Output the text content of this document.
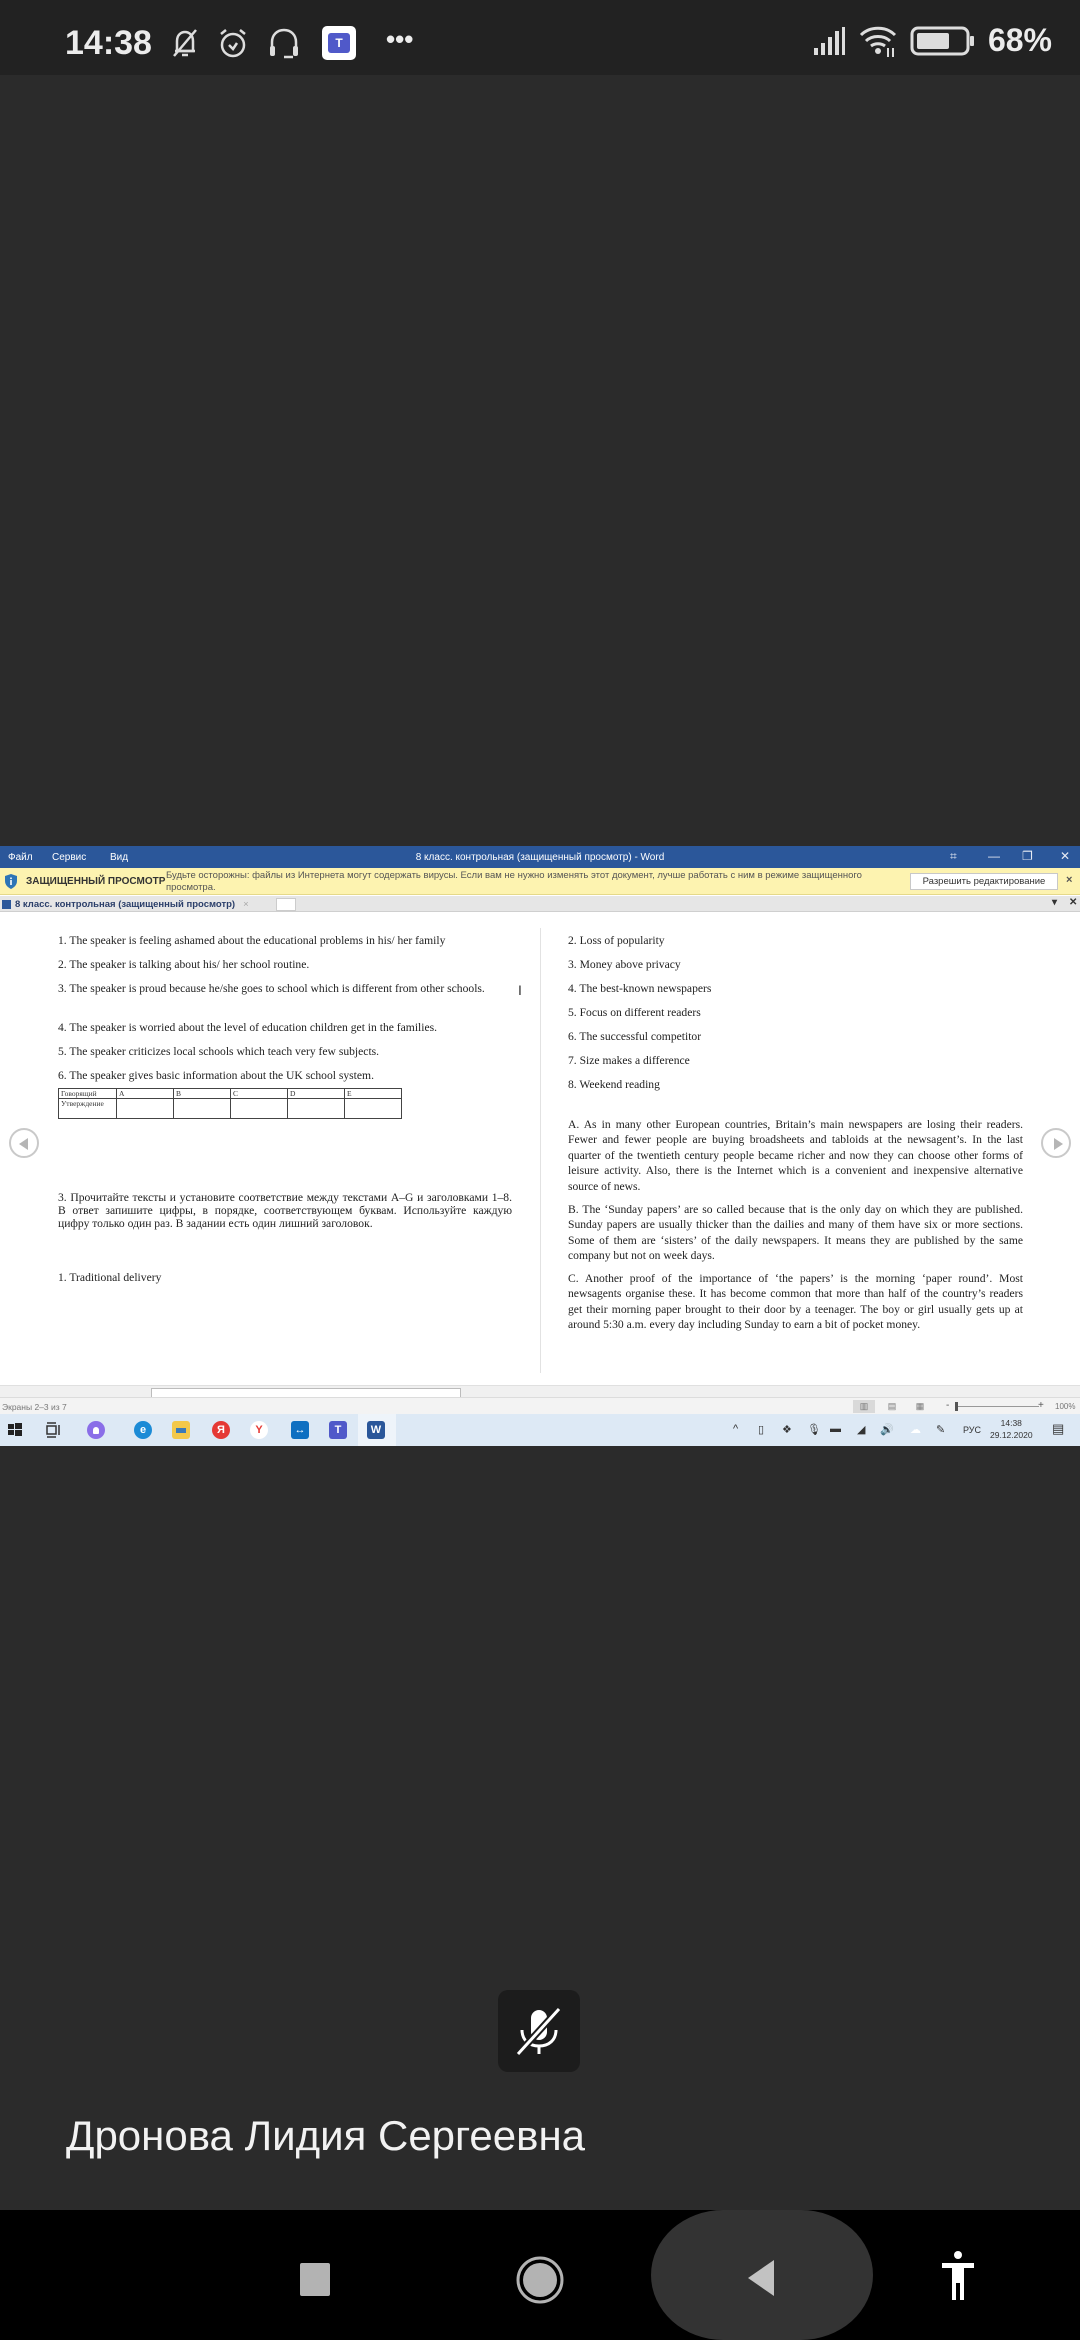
14:38	T •••	68%
Файл Сервис Вид	8 класс. контрольная (защищенный просмотр) - Word	⌗	— ❐ ✕
ЗАЩИЩЕННЫЙ ПРОСМОТР
Будьте осторожны: файлы из Интернета могут содержать вирусы. Если вам не нужно изменять этот документ, лучше работать с ним в режиме защищенного просмотра.	Разрешить редактирование	×
8 класс. контрольная (защищенный просмотр) ×	▾ ✕
1. The speaker is feeling ashamed about the educational problems in his/ her family
2. The speaker is talking about his/ her school routine.
3. The speaker is proud because he/she goes to school which is different from other schools.
4. The speaker is worried about the level of education children get in the families.
5. The speaker criticizes local schools which teach very few subjects.
6. The speaker gives basic information about the UK school system.
Говорящий	A	B	C	D	E
Утверждение					
3. Прочитайте тексты и установите соответствие между текстами A–G и заголовками 1–8. В ответ запишите цифры, в порядке, соответствующем буквам. Используйте каждую цифру только один раз. В задании есть один лишний заголовок.
1. Traditional delivery
I
2. Loss of popularity
3. Money above privacy
4. The best-known newspapers
5. Focus on different readers
6. The successful competitor
7. Size makes a difference
8. Weekend reading
A. As in many other European countries, Britain’s main newspapers are losing their readers. Fewer and fewer people are buying broadsheets and tabloids at the newsagent’s. In the last quarter of the twentieth century people became richer and now they can choose other forms of leisure activity. Also, there is the Internet which is a convenient and inexpensive alternative source of news.
B. The ‘Sunday papers’ are so called because that is the only day on which they are published. Sunday papers are usually thicker than the dailies and many of them have six or more sections. Some of them are ‘sisters’ of the daily newspapers. It means they are published by the same company but not on week days.
C. Another proof of the importance of ‘the papers’ is the morning ‘paper round’. Most newsagents organise these. It has become common that more than half of the country’s readers get their morning paper brought to their door by a teenager. The boy or girl usually gets up at around 5:30 a.m. every day including Sunday to earn a bit of pocket money.
Экраны 2–3 из 7	▥	▤	▦	-	+ 100%
e	Я	Y	↔	T	W	^ ▯ ❖ 🎙 ▬ ◢ 🔊 ☁ ✎ РУС
14:38
29.12.2020 ▤
Дронова Лидия Сергеевна
